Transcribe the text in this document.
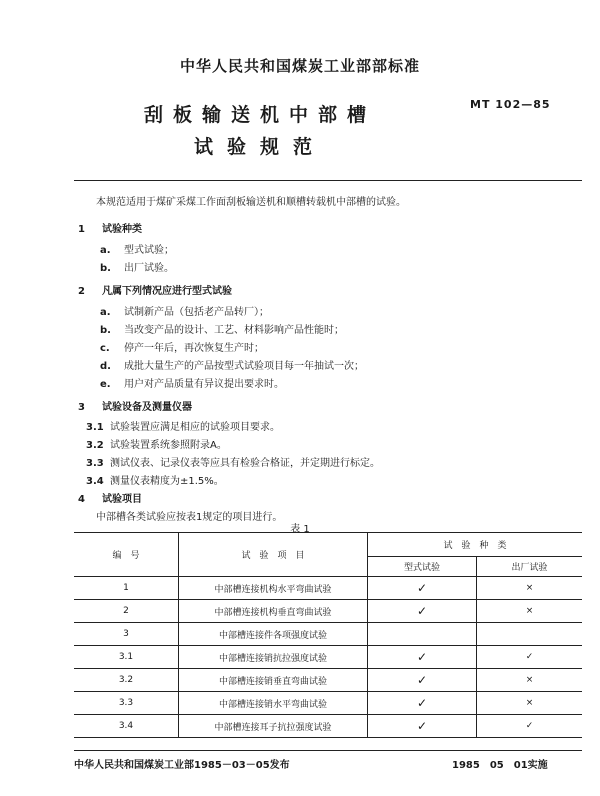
中华人民共和国煤炭工业部部标准
刮板输送机中部槽
试验规范
MT 102—85
本规范适用于煤矿采煤工作面刮板输送机和顺槽转载机中部槽的试验。
1 试验种类
a. 型式试验；
b. 出厂试验。
2 凡属下列情况应进行型式试验
a. 试制新产品（包括老产品转厂）；
b. 当改变产品的设计、工艺、材料影响产品性能时；
c. 停产一年后，再次恢复生产时；
d. 成批大量生产的产品按型式试验项目每一年抽试一次；
e. 用户对产品质量有异议提出要求时。
3 试验设备及测量仪器
3.1 试验装置应满足相应的试验项目要求。
3.2 试验装置系统参照附录A。
3.3 测试仪表、记录仪表等应具有检验合格证，并定期进行标定。
3.4 测量仪表精度为±1.5%。
4 试验项目
中部槽各类试验应按表1规定的项目进行。
表 1
编　号	试　验　项　目	试　验　种　类	
		型式试验	出厂试验
1	中部槽连接机构水平弯曲试验	✓	×
2	中部槽连接机构垂直弯曲试验	✓	×
3	中部槽连接件各项强度试验		
3.1	中部槽连接销抗拉强度试验	✓	✓
3.2	中部槽连接销垂直弯曲试验	✓	×
3.3	中部槽连接销水平弯曲试验	✓	×
3.4	中部槽连接耳子抗拉强度试验	✓	✓
中华人民共和国煤炭工业部1985－03－05发布	1985　05　01实施
